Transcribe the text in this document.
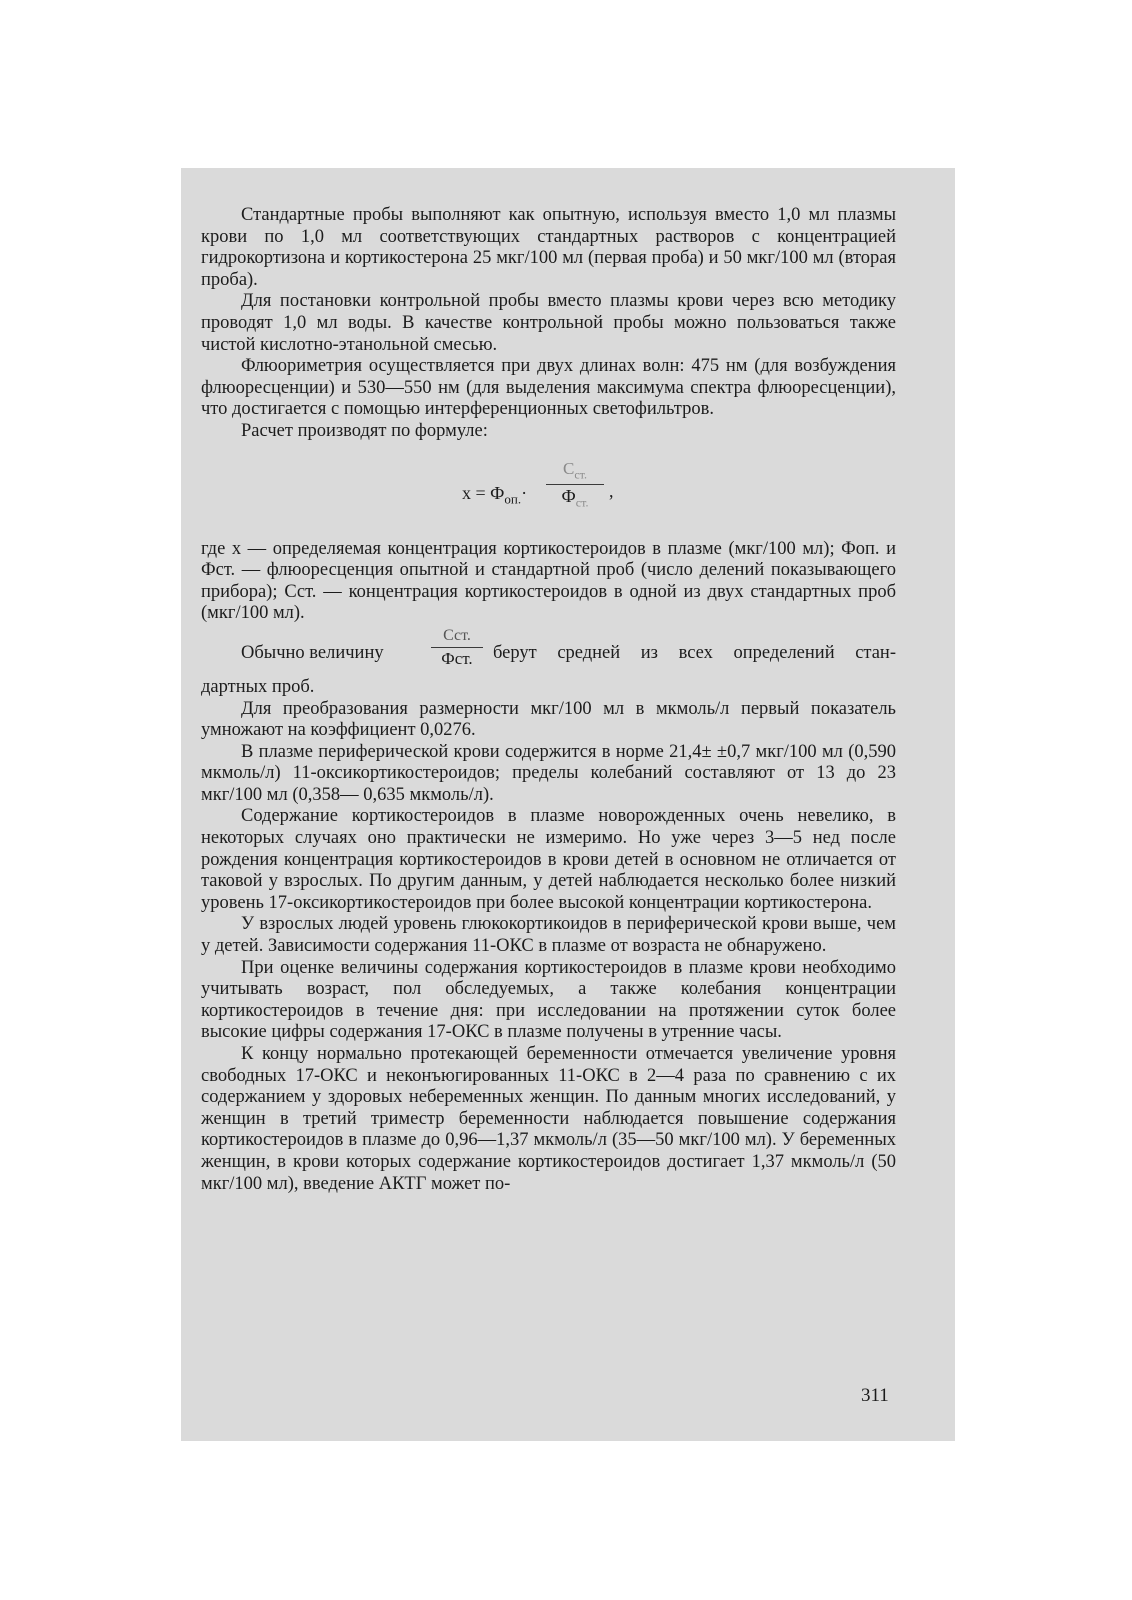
Стандартные пробы выполняют как опытную, используя вместо 1,0 мл плазмы крови по 1,0 мл соответствующих стандартных растворов с концентрацией гидрокортизона и кортикостерона 25 мкг/100 мл (первая проба) и 50 мкг/100 мл (вторая проба).

Для постановки контрольной пробы вместо плазмы крови через всю методику проводят 1,0 мл воды. В качестве контрольной пробы можно пользоваться также чистой кислотно-этанольной смесью.

Флюориметрия осуществляется при двух длинах волн: 475 нм (для возбуждения флюоресценции) и 530—550 нм (для выделения максимума спектра флюоресценции), что достигается с помощью интерференционных светофильтров.

Расчет производят по формуле:

$x = Ф_{оп.}\cdot$
$С_{ст.}$
$Ф_{ст.}$
,

где x — определяемая концентрация кортикостероидов в плазме (мкг/100 мл); Фоп. и Фст. — флюоресценция опытной и стандартной проб (число делений показывающего прибора); Сст. — концентрация кортикостероидов в одной из двух стандартных проб (мкг/100 мл).

Обычно величину
Сст.
Фст.	берут средней из всех определений стан-

дартных проб.

Для преобразования размерности мкг/100 мл в мкмоль/л первый показатель умножают на коэффициент 0,0276.

В плазме периферической крови содержится в норме 21,4± ±0,7 мкг/100 мл (0,590 мкмоль/л) 11-оксикортикостероидов; пределы колебаний составляют от 13 до 23 мкг/100 мл (0,358— 0,635 мкмоль/л).

Содержание кортикостероидов в плазме новорожденных очень невелико, в некоторых случаях оно практически не измеримо. Но уже через 3—5 нед после рождения концентрация кортикостероидов в крови детей в основном не отличается от таковой у взрослых. По другим данным, у детей наблюдается несколько более низкий уровень 17-оксикортикостероидов при более высокой концентрации кортикостерона.

У взрослых людей уровень глюкокортикоидов в периферической крови выше, чем у детей. Зависимости содержания 11-ОКС в плазме от возраста не обнаружено.

При оценке величины содержания кортикостероидов в плазме крови необходимо учитывать возраст, пол обследуемых, а также колебания концентрации кортикостероидов в течение дня: при исследовании на протяжении суток более высокие цифры содержания 17-ОКС в плазме получены в утренние часы.

К концу нормально протекающей беременности отмечается увеличение уровня свободных 17-ОКС и неконъюгированных 11-ОКС в 2—4 раза по сравнению с их содержанием у здоровых небеременных женщин. По данным многих исследований, у женщин в третий триместр беременности наблюдается повышение содержания кортикостероидов в плазме до 0,96—1,37 мкмоль/л (35—50 мкг/100 мл). У беременных женщин, в крови которых содержание кортикостероидов достигает 1,37 мкмоль/л (50 мкг/100 мл), введение АКТГ может по-

311
